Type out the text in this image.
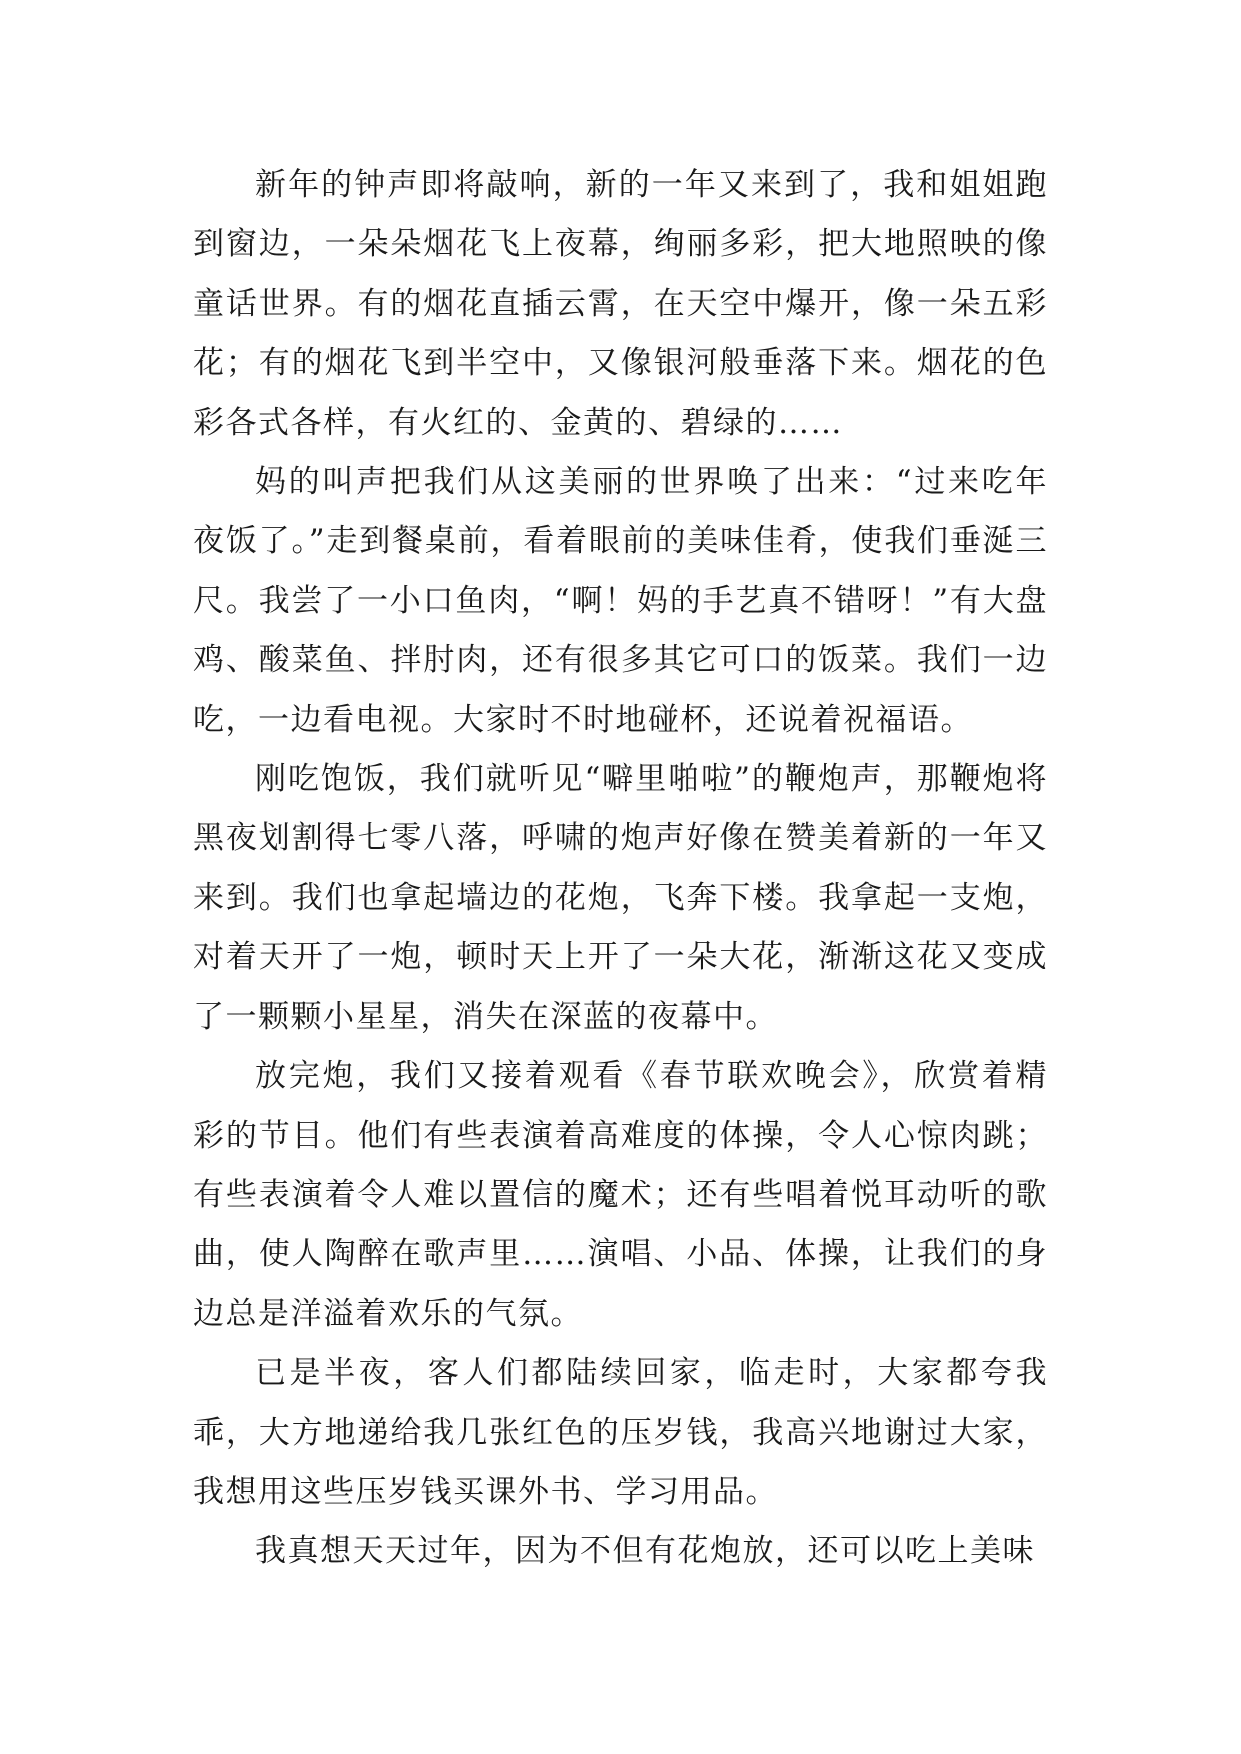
新年的钟声即将敲响，新的一年又来到了，我和姐姐跑到窗边，一朵朵烟花飞上夜幕，绚丽多彩，把大地照映的像童话世界。有的烟花直插云霄，在天空中爆开，像一朵五彩花；有的烟花飞到半空中，又像银河般垂落下来。烟花的色彩各式各样，有火红的、金黄的、碧绿的……

妈的叫声把我们从这美丽的世界唤了出来：“过来吃年夜饭了。”走到餐桌前，看着眼前的美味佳肴，使我们垂涎三尺。我尝了一小口鱼肉，“啊！妈的手艺真不错呀！”有大盘鸡、酸菜鱼、拌肘肉，还有很多其它可口的饭菜。我们一边吃，一边看电视。大家时不时地碰杯，还说着祝福语。

刚吃饱饭，我们就听见“噼里啪啦”的鞭炮声，那鞭炮将黑夜划割得七零八落，呼啸的炮声好像在赞美着新的一年又来到。我们也拿起墙边的花炮，飞奔下楼。我拿起一支炮，对着天开了一炮，顿时天上开了一朵大花，渐渐这花又变成了一颗颗小星星，消失在深蓝的夜幕中。

放完炮，我们又接着观看《春节联欢晚会》，欣赏着精彩的节目。他们有些表演着高难度的体操，令人心惊肉跳；有些表演着令人难以置信的魔术；还有些唱着悦耳动听的歌曲，使人陶醉在歌声里……演唱、小品、体操，让我们的身边总是洋溢着欢乐的气氛。

已是半夜，客人们都陆续回家，临走时，大家都夸我乖，大方地递给我几张红色的压岁钱，我高兴地谢过大家，我想用这些压岁钱买课外书、学习用品。

我真想天天过年，因为不但有花炮放，还可以吃上美味
